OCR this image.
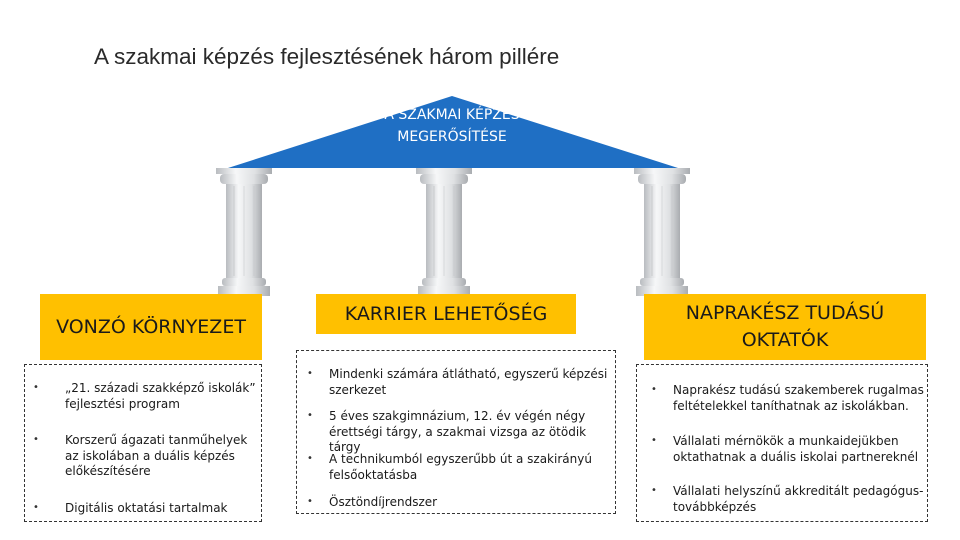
A szakmai képzés fejlesztésének három pillére
A SZAKMAI KÉPZÉS
MEGERŐSÍTÉSE
VONZÓ KÖRNYEZET
KARRIER LEHETŐSÉG	NAPRAKÉSZ TUDÁSÚ
OKTATÓK
• „21. századi szakképző iskolák”
fejlesztési program
• Korszerű ágazati tanműhelyek
az iskolában a duális képzés
előkészítésére
• Digitális oktatási tartalmak
• Mindenki számára átlátható, egyszerű képzési
szerkezet
• 5 éves szakgimnázium, 12. év végén négy
érettségi tárgy, a szakmai vizsga az ötödik tárgy
• A technikumból egyszerűbb út a szakirányú
felsőoktatásba
• Ösztöndíjrendszer
• Naprakész tudású szakemberek rugalmas
feltételekkel taníthatnak az iskolákban.
• Vállalati mérnökök a munkaidejükben
oktathatnak a duális iskolai partnereknél
• Vállalati helyszínű akkreditált pedagógus-
továbbképzés
